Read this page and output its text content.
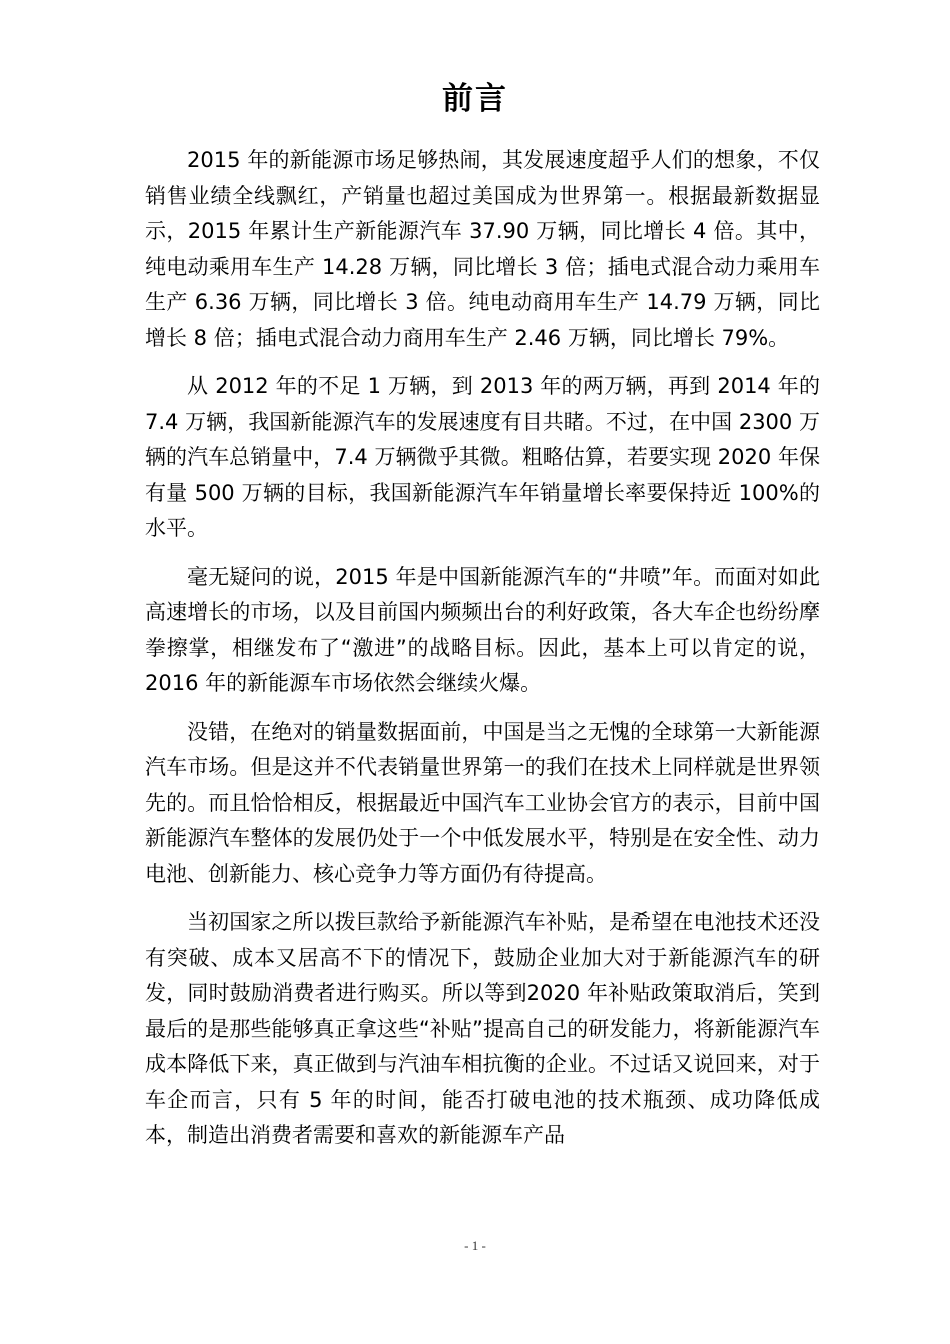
前言

2015 年的新能源市场足够热闹，其发展速度超乎人们的想象，不仅销售业绩全线飘红，产销量也超过美国成为世界第一。根据最新数据显示，2015 年累计生产新能源汽车 37.90 万辆，同比增长 4 倍。其中，纯电动乘用车生产 14.28 万辆，同比增长 3 倍；插电式混合动力乘用车生产 6.36 万辆，同比增长 3 倍。纯电动商用车生产 14.79 万辆，同比增长 8 倍；插电式混合动力商用车生产 2.46 万辆，同比增长 79%。

从 2012 年的不足 1 万辆，到 2013 年的两万辆，再到 2014 年的 7.4 万辆，我国新能源汽车的发展速度有目共睹。不过，在中国 2300 万辆的汽车总销量中，7.4 万辆微乎其微。粗略估算，若要实现 2020 年保有量 500 万辆的目标，我国新能源汽车年销量增长率要保持近 100%的水平。

毫无疑问的说，2015 年是中国新能源汽车的“井喷”年。而面对如此高速增长的市场，以及目前国内频频出台的利好政策，各大车企也纷纷摩拳擦掌，相继发布了“激进”的战略目标。因此，基本上可以肯定的说，2016 年的新能源车市场依然会继续火爆。

没错，在绝对的销量数据面前，中国是当之无愧的全球第一大新能源汽车市场。但是这并不代表销量世界第一的我们在技术上同样就是世界领先的。而且恰恰相反，根据最近中国汽车工业协会官方的表示，目前中国新能源汽车整体的发展仍处于一个中低发展水平，特别是在安全性、动力电池、创新能力、核心竞争力等方面仍有待提高。

当初国家之所以拨巨款给予新能源汽车补贴，是希望在电池技术还没有突破、成本又居高不下的情况下，鼓励企业加大对于新能源汽车的研发，同时鼓励消费者进行购买。所以等到2020 年补贴政策取消后，笑到最后的是那些能够真正拿这些“补贴”提高自己的研发能力，将新能源汽车成本降低下来，真正做到与汽油车相抗衡的企业。不过话又说回来，对于车企而言，只有 5 年的时间，能否打破电池的技术瓶颈、成功降低成本，制造出消费者需要和喜欢的新能源车产品

- 1 -
